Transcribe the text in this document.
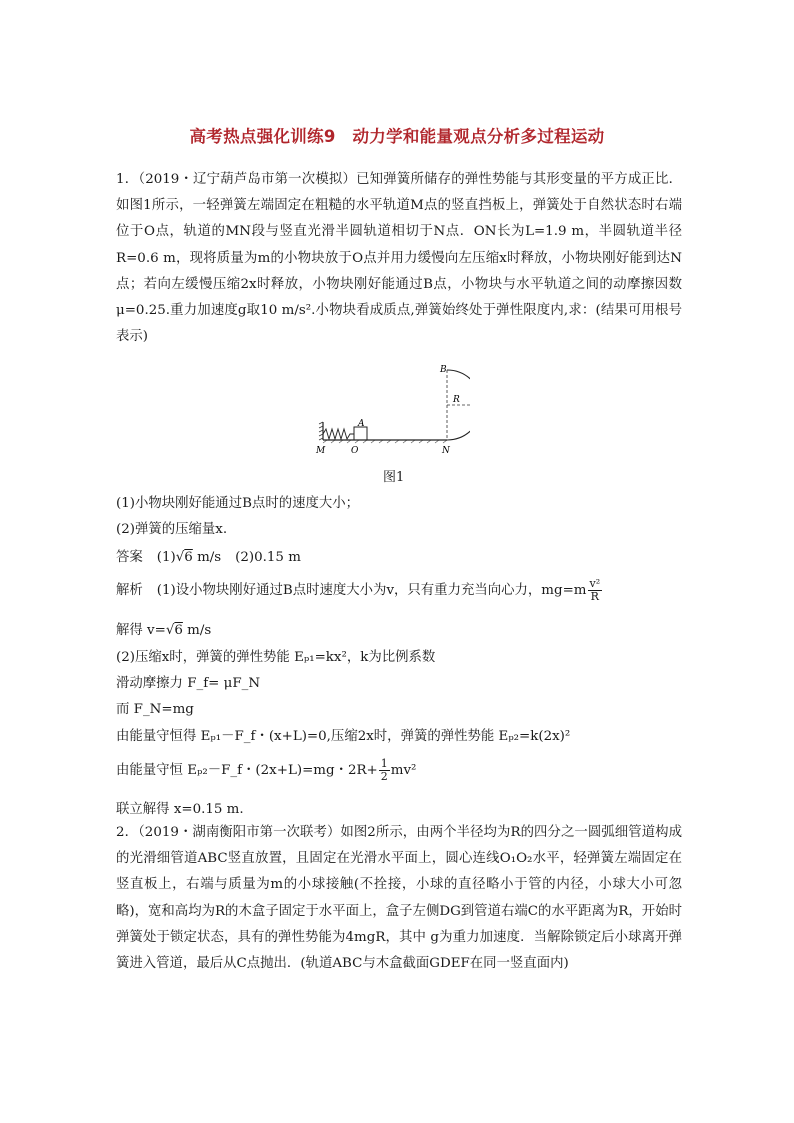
高考热点强化训练9　动力学和能量观点分析多过程运动
1．（2019・辽宁葫芦岛市第一次模拟）已知弹簧所储存的弹性势能与其形变量的平方成正比．如图1所示，一轻弹簧左端固定在粗糙的水平轨道M点的竖直挡板上，弹簧处于自然状态时右端位于O点，轨道的MN段与竖直光滑半圆轨道相切于N点．ON长为L=1.9 m，半圆轨道半径R=0.6 m，现将质量为m的小物块放于O点并用力缓慢向左压缩x时释放，小物块刚好能到达N点；若向左缓慢压缩2x时释放，小物块刚好能通过B点，小物块与水平轨道之间的动摩擦因数 μ=0.25.重力加速度g取10 m/s².小物块看成质点,弹簧始终处于弹性限度内,求：(结果可用根号表示)
B
R
A
M	O	N
图1
(1)小物块刚好能通过B点时的速度大小；
(2)弹簧的压缩量x.
答案 (1)√6 m/s (2)0.15 m
解析 (1)设小物块刚好通过B点时速度大小为v，只有重力充当向心力，$mg=m \frac{\text{v²}}{R}$
解得 v=√6 m/s
(2)压缩x时，弹簧的弹性势能 Eₚ₁=kx²，k为比例系数
滑动摩擦力 F_f= μF_N
而 F_N=mg
由能量守恒得 Eₚ₁－F_f・(x+L)=0,压缩2x时，弹簧的弹性势能 Eₚ₂=k(2x)²
由能量守恒 Eₚ₂－F_f・(2x+L)=mg・$2R+ \frac{1}{2} mv^2$
联立解得 x=0.15 m.
2．（2019・湖南衡阳市第一次联考）如图2所示，由两个半径均为R的四分之一圆弧细管道构成的光滑细管道ABC竖直放置，且固定在光滑水平面上，圆心连线O₁O₂水平，轻弹簧左端固定在竖直板上，右端与质量为m的小球接触(不拴接，小球的直径略小于管的内径，小球大小可忽略)，宽和高均为R的木盒子固定于水平面上，盒子左侧DG到管道右端C的水平距离为R，开始时弹簧处于锁定状态，具有的弹性势能为4mgR，其中 g为重力加速度．当解除锁定后小球离开弹簧进入管道，最后从C点抛出．(轨道ABC与木盒截面GDEF在同一竖直面内)
